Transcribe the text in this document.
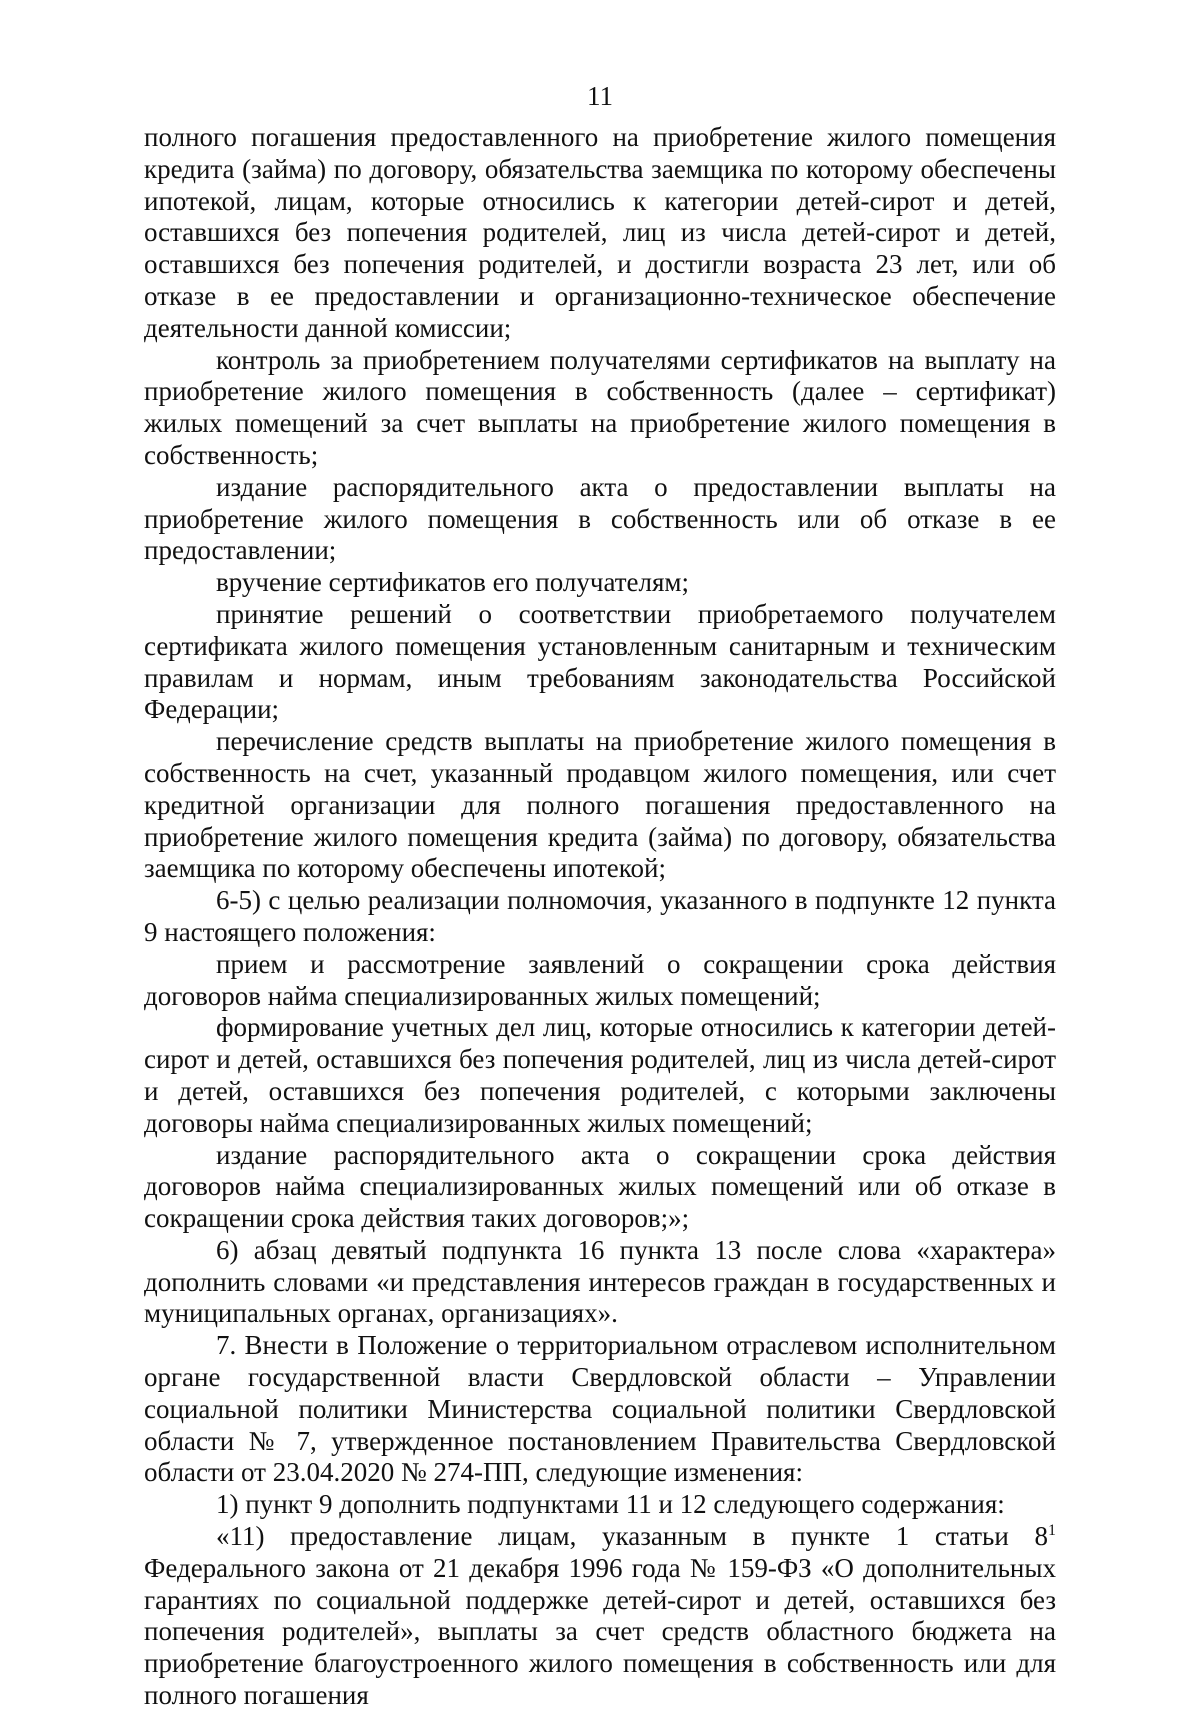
11

полного погашения предоставленного на приобретение жилого помещения кредита (займа) по договору, обязательства заемщика по которому обеспечены ипотекой, лицам, которые относились к категории детей-сирот и детей, оставшихся без попечения родителей, лиц из числа детей-сирот и детей, оставшихся без попечения родителей, и достигли возраста 23 лет, или об отказе в ее предоставлении и организационно-техническое обеспечение деятельности данной комиссии;

контроль за приобретением получателями сертификатов на выплату на приобретение жилого помещения в собственность (далее – сертификат) жилых помещений за счет выплаты на приобретение жилого помещения в собственность;

издание распорядительного акта о предоставлении выплаты на приобретение жилого помещения в собственность или об отказе в ее предоставлении;

вручение сертификатов его получателям;

принятие решений о соответствии приобретаемого получателем сертификата жилого помещения установленным санитарным и техническим правилам и нормам, иным требованиям законодательства Российской Федерации;

перечисление средств выплаты на приобретение жилого помещения в собственность на счет, указанный продавцом жилого помещения, или счет кредитной организации для полного погашения предоставленного на приобретение жилого помещения кредита (займа) по договору, обязательства заемщика по которому обеспечены ипотекой;

6-5) с целью реализации полномочия, указанного в подпункте 12 пункта 9 настоящего положения:

прием и рассмотрение заявлений о сокращении срока действия договоров найма специализированных жилых помещений;

формирование учетных дел лиц, которые относились к категории детей-сирот и детей, оставшихся без попечения родителей, лиц из числа детей-сирот и детей, оставшихся без попечения родителей, с которыми заключены договоры найма специализированных жилых помещений;

издание распорядительного акта о сокращении срока действия договоров найма специализированных жилых помещений или об отказе в сокращении срока действия таких договоров;»;

6) абзац девятый подпункта 16 пункта 13 после слова «характера» дополнить словами «и представления интересов граждан в государственных и муниципальных органах, организациях».

7. Внести в Положение о территориальном отраслевом исполнительном органе государственной власти Свердловской области – Управлении социальной политики Министерства социальной политики Свердловской области № 7, утвержденное постановлением Правительства Свердловской области от 23.04.2020 № 274-ПП, следующие изменения:

1) пункт 9 дополнить подпунктами 11 и 12 следующего содержания:

«11) предоставление лицам, указанным в пункте 1 статьи $8^1$ Федерального закона от 21 декабря 1996 года № 159-ФЗ «О дополнительных гарантиях по социальной поддержке детей-сирот и детей, оставшихся без попечения родителей», выплаты за счет средств областного бюджета на приобретение благоустроенного жилого помещения в собственность или для полного погашения
